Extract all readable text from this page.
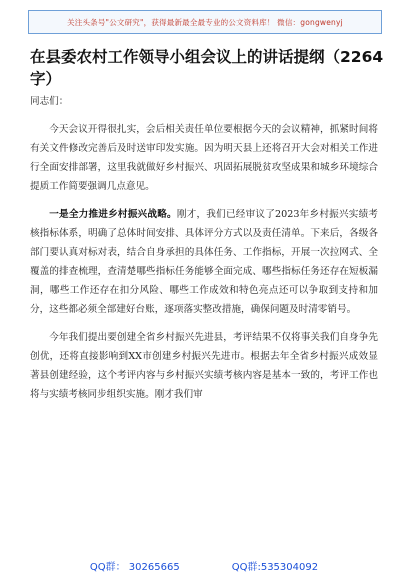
关注头条号"公文研究"，获得最新最全最专业的公文资料库！ 微信：gongwenyj
在县委农村工作领导小组会议上的讲话提纲（2264字）

同志们：

今天会议开得很扎实，会后相关责任单位要根据今天的会议精神，抓紧时间将有关文件修改完善后及时送审印发实施。因为明天县上还将召开大会对相关工作进行全面安排部署，这里我就做好乡村振兴、巩固拓展脱贫攻坚成果和城乡环境综合提质工作简要强调几点意见。

一是全力推进乡村振兴战略。刚才，我们已经审议了2023年乡村振兴实绩考核指标体系，明确了总体时间安排、具体评分方式以及责任清单。下来后，各级各部门要认真对标对表，结合自身承担的具体任务、工作指标，开展一次拉网式、全覆盖的排查梳理，查清楚哪些指标任务能够全面完成、哪些指标任务还存在短板漏洞，哪些工作还存在扣分风险、哪些工作成效和特色亮点还可以争取到支持和加分，这些都必须全部建好台账，逐项落实整改措施，确保问题及时清零销号。

今年我们提出要创建全省乡村振兴先进县，考评结果不仅将事关我们自身争先创优，还将直接影响到XX市创建乡村振兴先进市。根据去年全省乡村振兴成效显著县创建经验，这个考评内容与乡村振兴实绩考核内容是基本一致的，考评工作也将与实绩考核同步组织实施。刚才我们审

QQ群： 30265665	QQ群:535304092
